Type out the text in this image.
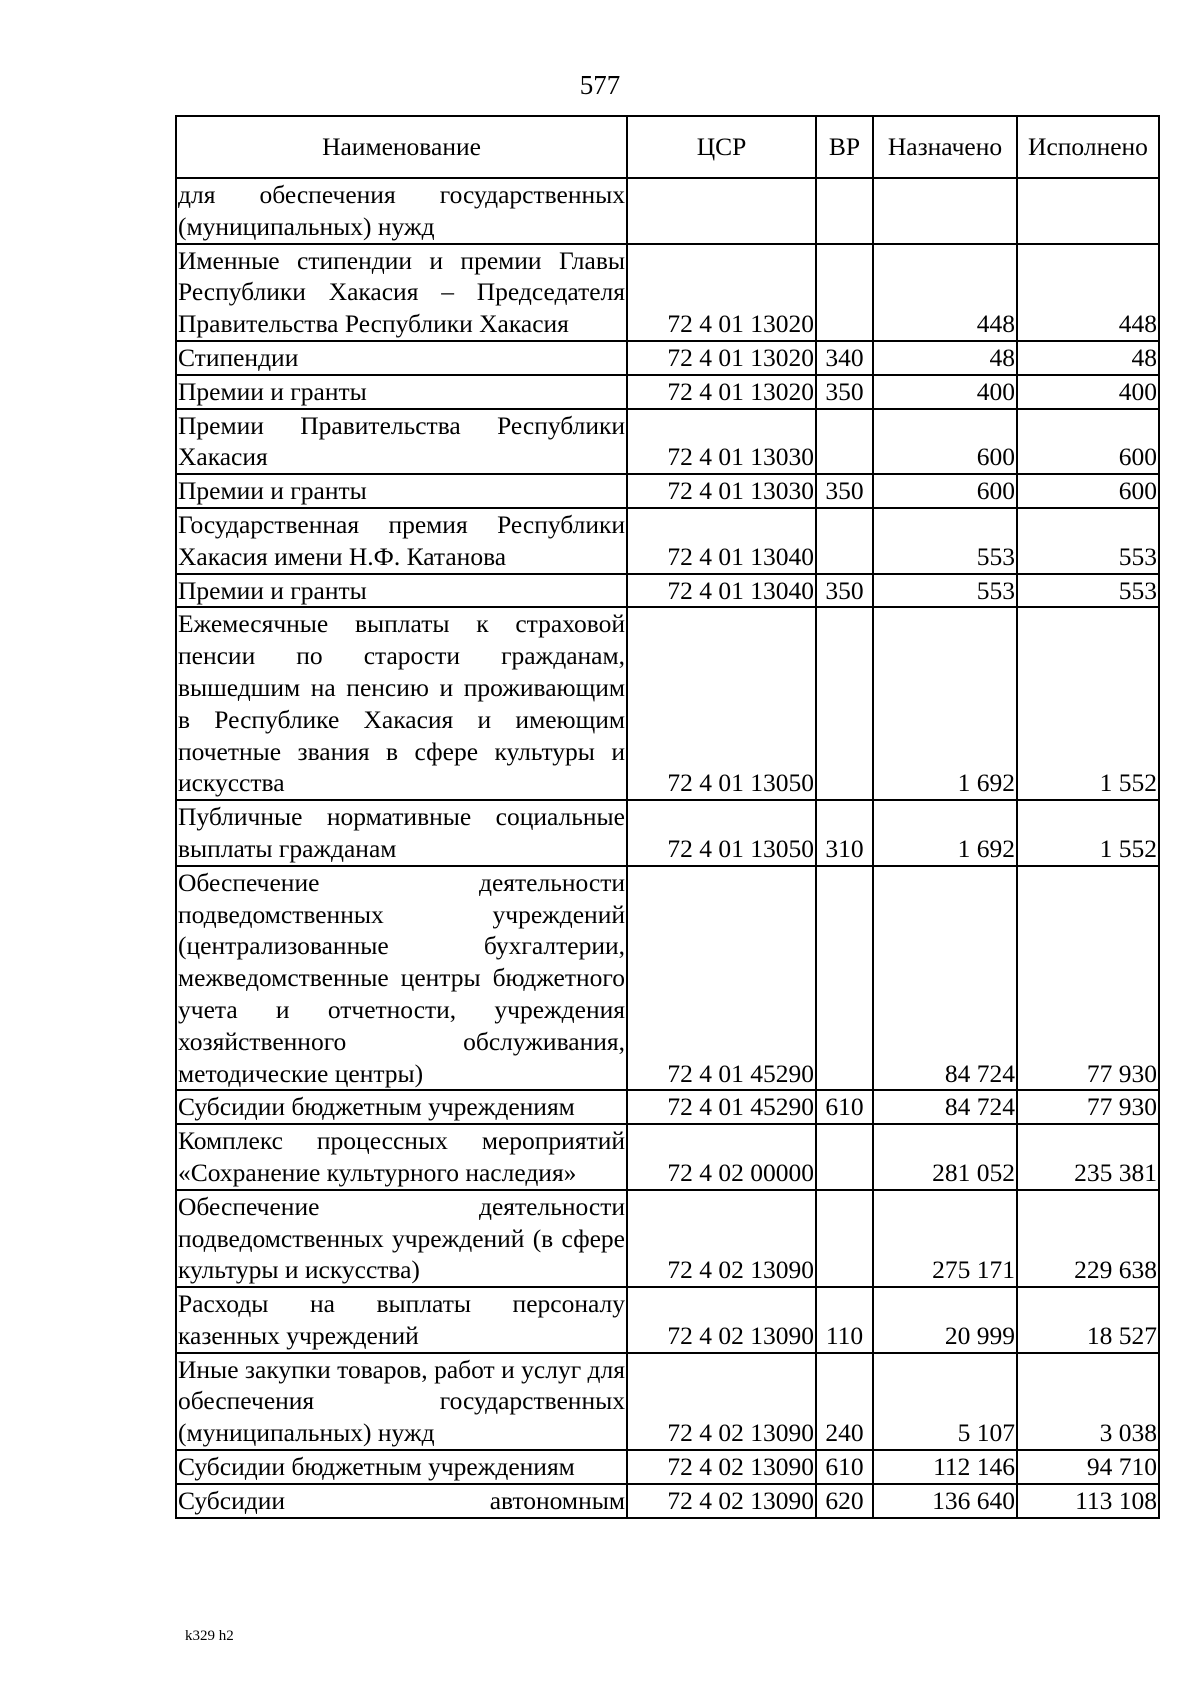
577
Наименование	ЦСР	ВР	Назначено	Исполнено
для обеспечения государственных (муниципальных) нужд				
Именные стипендии и премии Главы Республики Хакасия – Председателя Правительства Республики Хакасия	72 4 01 13020		448	448
Стипендии	72 4 01 13020	340	48	48
Премии и гранты	72 4 01 13020	350	400	400
Премии Правительства Республики Хакасия	72 4 01 13030		600	600
Премии и гранты	72 4 01 13030	350	600	600
Государственная премия Республики Хакасия имени Н.Ф. Катанова	72 4 01 13040		553	553
Премии и гранты	72 4 01 13040	350	553	553
Ежемесячные выплаты к страховой пенсии по старости гражданам, вышедшим на пенсию и проживающим в Республике Хакасия и имеющим почетные звания в сфере культуры и искусства	72 4 01 13050		1 692	1 552
Публичные нормативные социальные выплаты гражданам	72 4 01 13050	310	1 692	1 552
Обеспечение деятельности подведомственных учреждений (централизованные бухгалтерии, межведомственные центры бюджетного учета и отчетности, учреждения хозяйственного обслуживания, методические центры)	72 4 01 45290		84 724	77 930
Субсидии бюджетным учреждениям	72 4 01 45290	610	84 724	77 930
Комплекс процессных мероприятий «Сохранение культурного наследия»	72 4 02 00000		281 052	235 381
Обеспечение деятельности подведомственных учреждений (в сфере культуры и искусства)	72 4 02 13090		275 171	229 638
Расходы на выплаты персоналу казенных учреждений	72 4 02 13090	110	20 999	18 527
Иные закупки товаров, работ и услуг для обеспечения государственных (муниципальных) нужд	72 4 02 13090	240	5 107	3 038
Субсидии бюджетным учреждениям	72 4 02 13090	610	112 146	94 710
Субсидии автономным	72 4 02 13090	620	136 640	113 108
k329 h2
